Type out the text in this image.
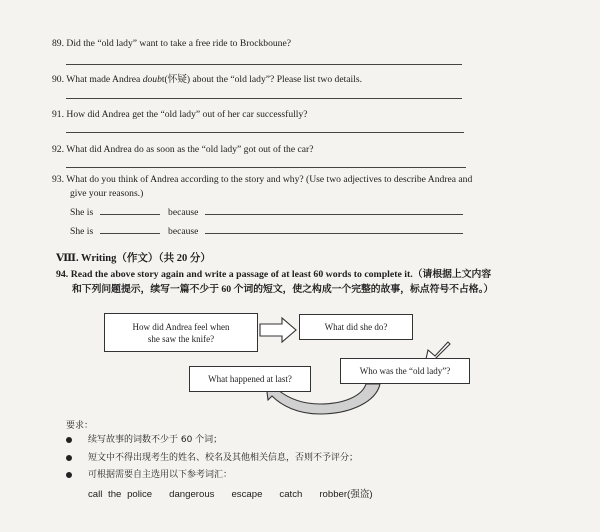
89. Did the “old lady” want to take a free ride to Brockboune?
90. What made Andrea doubt(怀疑) about the “old lady”? Please list two details.
91. How did Andrea get the “old lady” out of her car successfully?
92. What did Andrea do as soon as the “old lady” got out of the car?
93. What do you think of Andrea according to the story and why? (Use two adjectives to describe Andrea and
give your reasons.)
She is	because
She is	because
Ⅷ. Writing（作文）（共 20 分）
94. Read the above story again and write a passage of at least 60 words to complete it.（请根据上文内容
和下列问题提示，续写一篇不少于 60 个词的短文，使之构成一个完整的故事，标点符号不占格。）
How did Andrea feel when
she saw the knife?
What did she do?
Who was the “old lady”?
What happened at last?
要求：
续写故事的词数不少于 60 个词；
短文中不得出现考生的姓名、校名及其他相关信息，否则不予评分；
可根据需要自主选用以下参考词汇：
call the police   dangerous   escape   catch   robber(强盗)
